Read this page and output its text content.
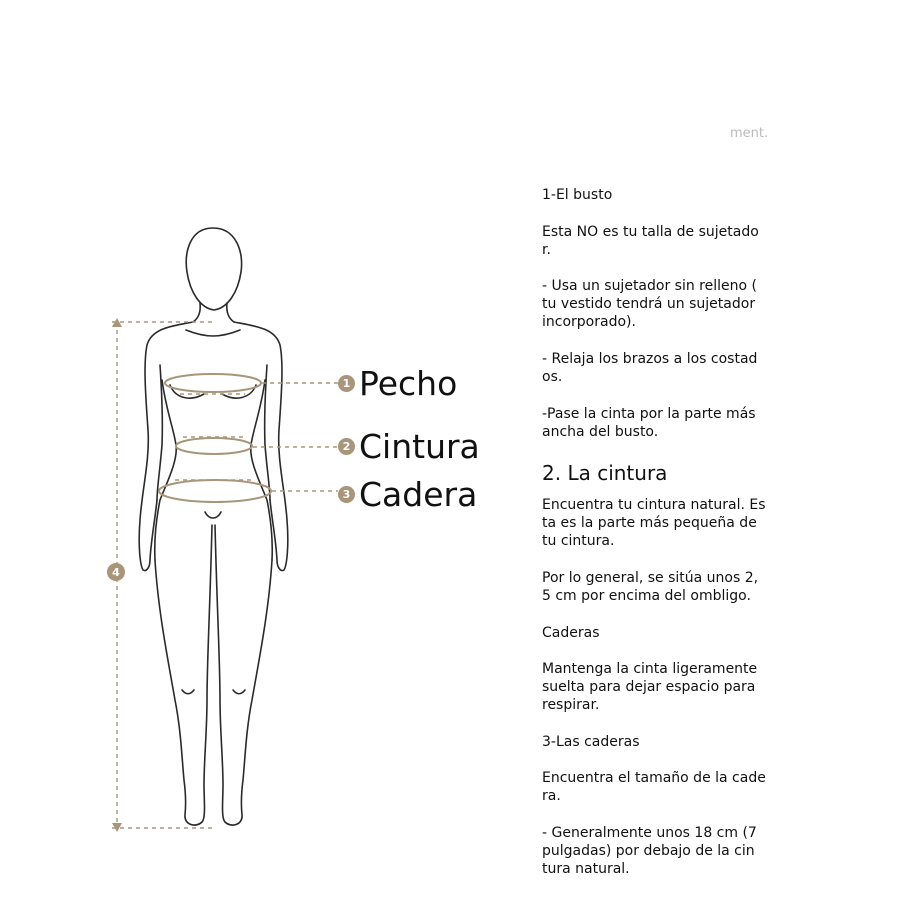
4
1 Pecho
2 Cintura
3 Cadera
ment.

1-El busto

Esta NO es tu talla de sujetado
r.

- Usa un sujetador sin relleno (
tu vestido tendrá un sujetador
incorporado).

- Relaja los brazos a los costad
os.

-Pase la cinta por la parte más
ancha del busto.

2. La cintura

Encuentra tu cintura natural. Es
ta es la parte más pequeña de
tu cintura.

Por lo general, se sitúa unos 2,
5 cm por encima del ombligo.

Caderas

Mantenga la cinta ligeramente
suelta para dejar espacio para
respirar.

3-Las caderas

Encuentra el tamaño de la cade
ra.

- Generalmente unos 18 cm (7
pulgadas) por debajo de la cin
tura natural.
